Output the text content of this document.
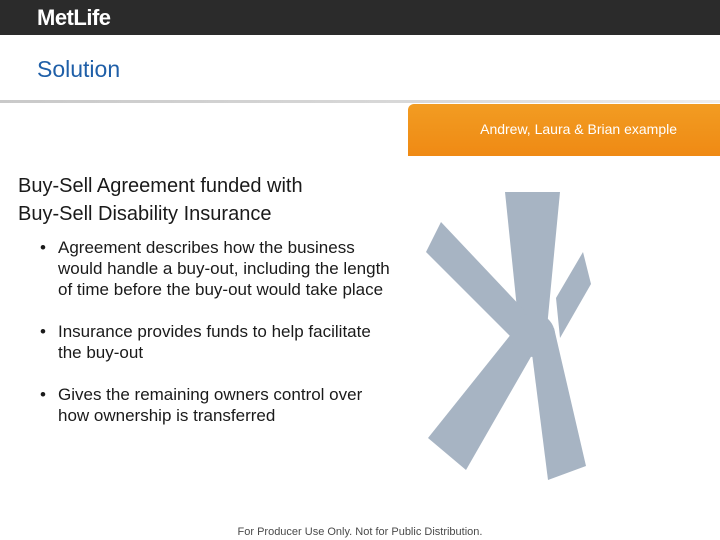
MetLife
Solution
Andrew, Laura & Brian example
Buy-Sell Agreement funded with
Buy-Sell Disability Insurance
• Agreement describes how the business would handle a buy-out, including the length of time before the buy-out would take place
• Insurance provides funds to help facilitate the buy-out
• Gives the remaining owners control over how ownership is transferred
For Producer Use Only. Not for Public Distribution.
